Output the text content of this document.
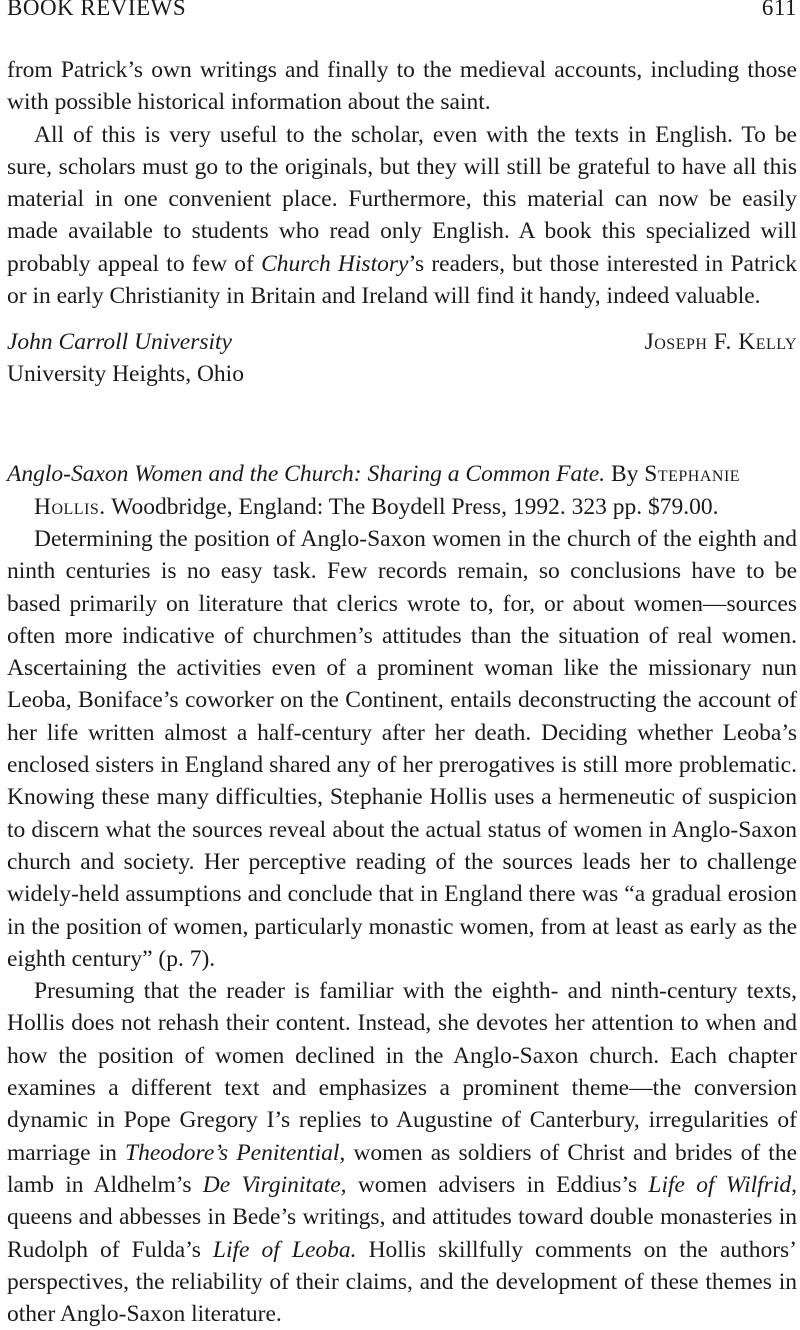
BOOK REVIEWS	611

from Patrick’s own writings and finally to the medieval accounts, including those with possible historical information about the saint.

All of this is very useful to the scholar, even with the texts in English. To be sure, scholars must go to the originals, but they will still be grateful to have all this material in one convenient place. Furthermore, this material can now be easily made available to students who read only English. A book this specialized will probably appeal to few of Church History’s readers, but those interested in Patrick or in early Christianity in Britain and Ireland will find it handy, indeed valuable.

John Carroll University
University Heights, Ohio
Joseph F. Kelly
Anglo-Saxon Women and the Church: Sharing a Common Fate. By Stephanie
Hollis. Woodbridge, England: The Boydell Press, 1992. 323 pp. $79.00.

Determining the position of Anglo-Saxon women in the church of the eighth and ninth centuries is no easy task. Few records remain, so conclusions have to be based primarily on literature that clerics wrote to, for, or about women—sources often more indicative of churchmen’s attitudes than the situation of real women. Ascertaining the activities even of a prominent woman like the missionary nun Leoba, Boniface’s coworker on the Continent, entails deconstructing the account of her life written almost a half-century after her death. Deciding whether Leoba’s enclosed sisters in England shared any of her prerogatives is still more problematic. Knowing these many difficulties, Stephanie Hollis uses a hermeneutic of suspicion to discern what the sources reveal about the actual status of women in Anglo-Saxon church and society. Her perceptive reading of the sources leads her to challenge widely-held assumptions and conclude that in England there was “a gradual erosion in the position of women, particularly monastic women, from at least as early as the eighth century” (p. 7).

Presuming that the reader is familiar with the eighth- and ninth-century texts, Hollis does not rehash their content. Instead, she devotes her attention to when and how the position of women declined in the Anglo-Saxon church. Each chapter examines a different text and emphasizes a prominent theme—the conversion dynamic in Pope Gregory I’s replies to Augustine of Canterbury, irregularities of marriage in Theodore’s Penitential, women as soldiers of Christ and brides of the lamb in Aldhelm’s De Virginitate, women advisers in Eddius’s Life of Wilfrid, queens and abbesses in Bede’s writings, and attitudes toward double monasteries in Rudolph of Fulda’s Life of Leoba. Hollis skillfully comments on the authors’ perspectives, the reliability of their claims, and the development of these themes in other Anglo-Saxon literature.
